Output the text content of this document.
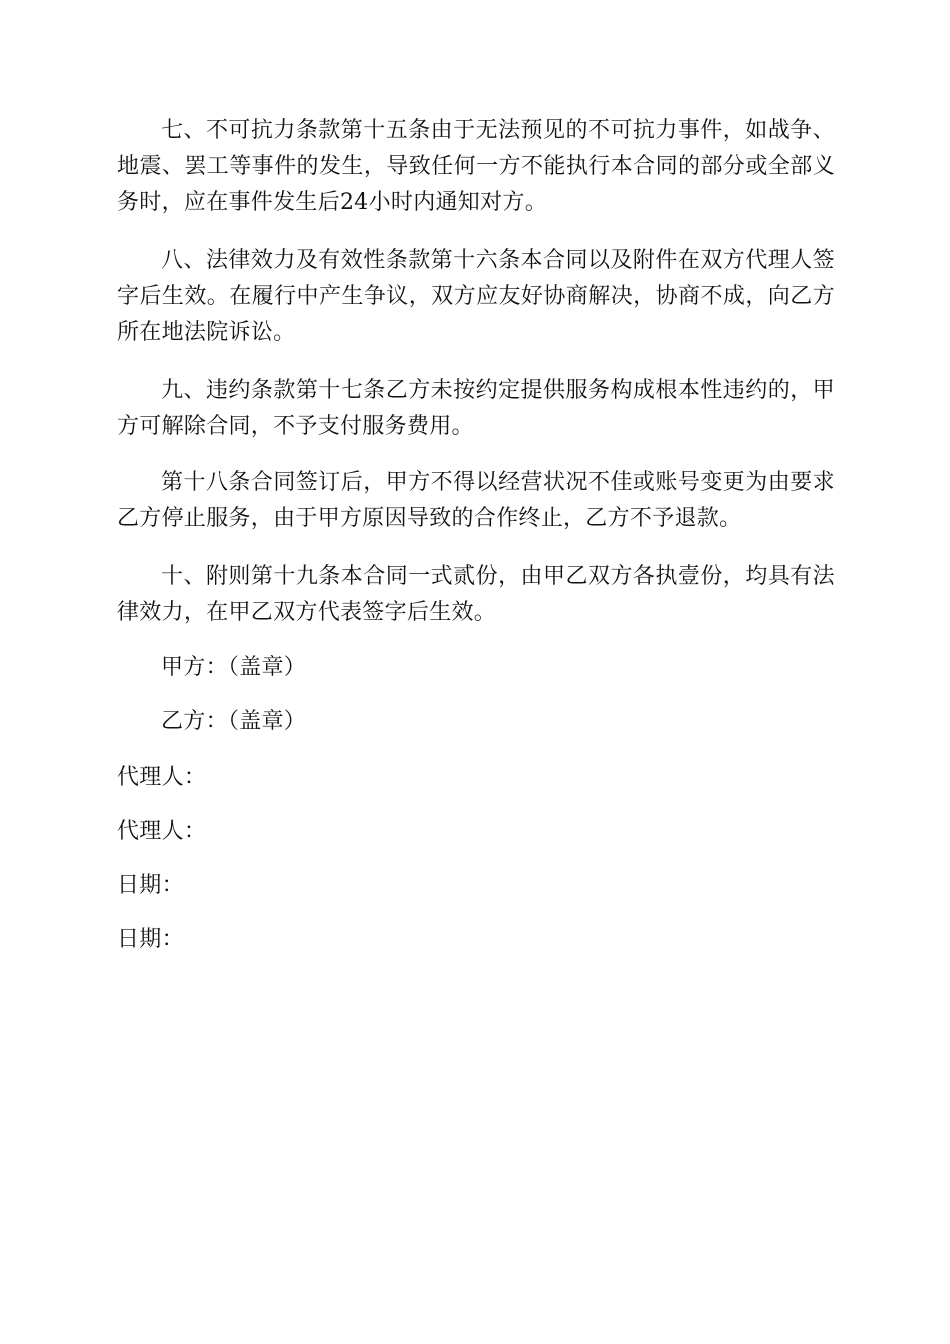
七、不可抗力条款第十五条由于无法预见的不可抗力事件，如战争、地震、罢工等事件的发生，导致任何一方不能执行本合同的部分或全部义务时，应在事件发生后24小时内通知对方。

八、法律效力及有效性条款第十六条本合同以及附件在双方代理人签字后生效。在履行中产生争议，双方应友好协商解决，协商不成，向乙方所在地法院诉讼。

九、违约条款第十七条乙方未按约定提供服务构成根本性违约的，甲方可解除合同，不予支付服务费用。

第十八条合同签订后，甲方不得以经营状况不佳或账号变更为由要求乙方停止服务，由于甲方原因导致的合作终止，乙方不予退款。

十、附则第十九条本合同一式贰份，由甲乙双方各执壹份，均具有法律效力，在甲乙双方代表签字后生效。

甲方：（盖章）

乙方：（盖章）

代理人：

代理人：

日期：

日期：
